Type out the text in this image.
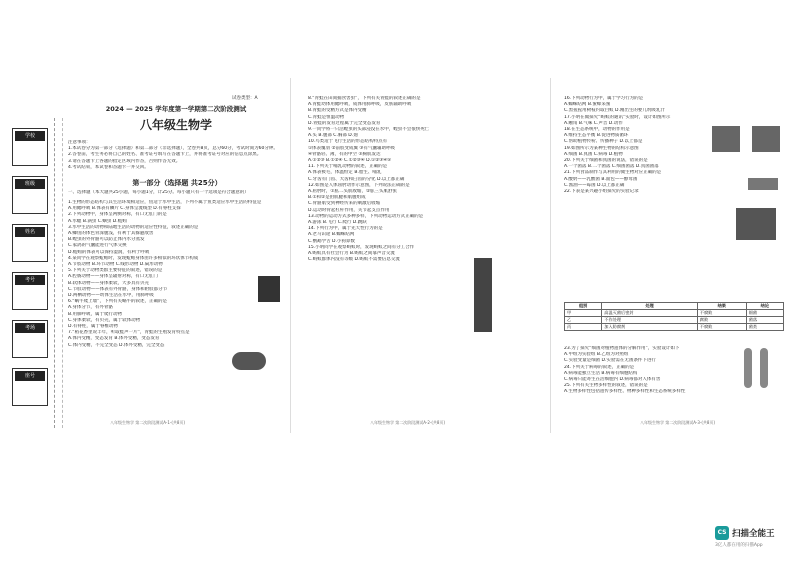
学校
班级
姓名
考号
考场
座号
试卷类型：A
2024 — 2025 学年度第一学期第二次阶段测试
八年级生物学
注意事项：
1.本试卷分为第一部分（选择题）和第二部分（非选择题），全卷共8页，总分60分，考试时间为60分钟。
2.答卷前，考生务必将自己的姓名、准考证号填写在答题卡上，并将准考证号对应的信息点涂黑。
3.请在答题卡上各题的指定区域内作答，否则作答无效。
4.考试结束，本试卷和答题卡一并交回。
第一部分（选择题 共25分）
一、选择题（本大题共25小题，每小题1分，计25分。每小题只有一个选项是符合题意的）
1.生物的形态结构与其生活环境相适应，鱼适于水中生活，下列不属于鱼类适应水中生活的特征是
A.用鳃呼吸 B.体表有鳞片 C.身体呈流线型 D.有脊柱支撑
2.下列动物中，身体呈两侧对称，有口无肛门的是
A.水螅 B.涡虫 C.蛔虫 D.蚯蚓
3.水中生活的动物和陆地生活的动物的适应性特征，叙述正确的是
A.鲫鱼的体色背深腹浅，有利于其躲避敌害
B.蝗虫的外骨骼可以防止体内水分蒸发
C.家鸽的气囊能进行气体交换
D.蚯蚓的体表可以保持湿润，有利于呼吸
4.某同学在观察蚯蚓时，发现蚯蚓身体由许多相似的环状体节构成
A.节肢动物 B.环节动物 C.线形动物 D.扁形动物
5.下列关于动物类群主要特征的叙述，错误的是
A.腔肠动物——身体呈辐射对称，有口无肛门
B.软体动物——身体柔软，大多具有贝壳
C.节肢动物——体表有外骨骼，身体和附肢都分节
D.两栖动物——幼体生活在水中，用肺呼吸
6.“蜗牛爬上墙”，下列有关蜗牛的叙述，正确的是
A.身体分节，有外骨骼
B.用肺呼吸，属于爬行动物
C.身体柔软，有贝壳，属于软体动物
D.有脊柱，属于脊椎动物
7.“稻花香里说丰年，听取蛙声一片”，青蛙的生殖发育特点是
A.体内受精，变态发育 B.体外受精，变态发育
C.体内受精，不完全变态 D.体外受精，完全变态
八年级生物学 第二次阶段测试A-1-(共8页)
8.“青蛙在田间捕食害虫”，下列有关青蛙的叙述正确的是
A.青蛙幼体用鳃呼吸，成体用肺呼吸，皮肤辅助呼吸
B.青蛙的受精方式是体内受精
C.青蛙是恒温动物
D.青蛙的发育过程属于完全变态发育
9.一同学将一只活蝗虫的头部浸没在水中，蝗虫不会很快死亡
A.头 B.腹部 C.胸部 D.翅
10.鸟类适于飞行生活的形态结构特点有
①体表覆羽 ②前肢变成翼 ③有气囊辅助呼吸
④骨骼轻、薄，有的中空 ⑤胸肌发达
A.①②③ B.①②④ C.①②③④ D.①②③④⑤
11.下列关于哺乳动物的叙述，正确的是
A.体表被毛，体温恒定 B.胎生、哺乳
C.牙齿有门齿、犬齿和臼齿的分化 D.以上都正确
12.如图是人体屈肘动作示意图，下列说法正确的是
A.屈肘时，①肱二头肌收缩，②肱三头肌舒张
B.①和②是由肌腱和肌腹组成
C.骨骼肌受到神经传来的刺激后收缩
D.运动时骨起杠杆作用，关节起支点作用
13.动物的运动方式多种多样，下列动物运动方式正确的是
A.游泳 B.飞行 C.爬行 D.跳跃
14.下列行为中，属于先天性行为的是
A.老马识途 B.蜘蛛结网
C.鹦鹉学舌 D.小狗算数
15.小明同学在观察蚂蚁时，发现蚂蚁之间有分工合作
A.蚂蚁具有社会行为 B.蚂蚁之间靠声音交流
C.蚂蚁群体内没有等级 D.蚂蚁不需要信息交流
八年级生物学 第二次阶段测试A-2-(共8页)
16.下列动物行为中，属于学习行为的是
A.蜘蛛结网 B.蜜蜂采蜜
C.黑猩猩用树枝钓取白蚁 D.刚出生的婴儿吮吸乳汁
17.小明在做探究“蚂蚁的通讯”实验时，设计如图所示
A.触角 B.气味 C.声音 D.动作
18.在生态系统中，动物的作用是
A.维持生态平衡 B.促进物质循环
C.帮助植物传粉、传播种子 D.以上都是
19.如图所示为某种生物的结构示意图
A.细菌 B.真菌 C.病毒 D.植物
20.下列关于细菌和真菌的说法，错误的是
A.一个菌落 B.二个菌落 C.细菌菌落 D.真菌菌落
21.下列食品制作与其利用的微生物对应正确的是
A.酸奶——乳酸菌 B.面包——酵母菌
C.酱油——霉菌 D.以上都正确
22.下表是某兴趣小组探究的实验记录
组别	处理	结果	结论
甲	高温灭菌后密封	不腐败	细菌
乙	不作处理	腐败	菌落
丙	加入防腐剂	不腐败	菌类
23.为了探究“细菌对植物遗体的分解作用”，实验设计如下
A.甲组为实验组 B.乙组为对照组
C.实验变量是细菌 D.实验需在无菌条件下进行
24.下列关于病毒的叙述，正确的是
A.病毒能独立生活 B.病毒有细胞结构
C.病毒只能寄生在活细胞内 D.病毒都对人体有害
25.下列有关生物多样性的叙述，错误的是
A.生物多样性包括遗传多样性、物种多样性和生态系统多样性
八年级生物学 第二次阶段测试A-3-(共8页)
CS 扫描全能王
3亿人都在用的扫描App
